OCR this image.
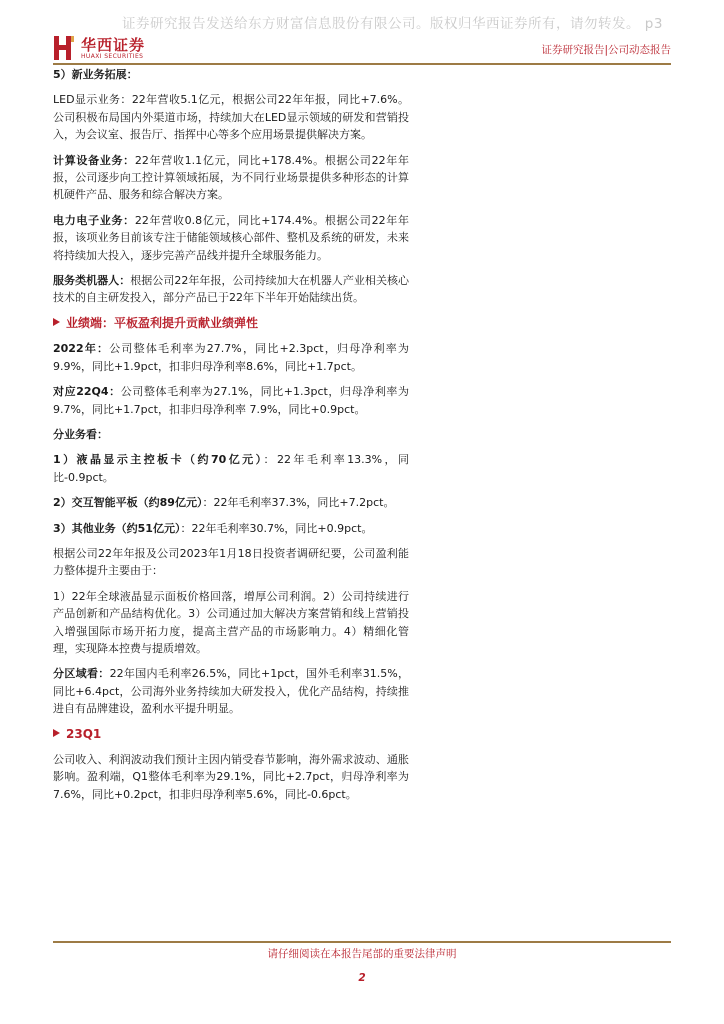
证券研究报告发送给东方财富信息股份有限公司。版权归华西证券所有，请勿转发。 p3
华西证券
HUAXI SECURITIES
证券研究报告|公司动态报告

5）新业务拓展：

LED显示业务：22年营收5.1亿元，根据公司22年年报，同比+7.6%。公司积极布局国内外渠道市场，持续加大在LED显示领域的研发和营销投入，为会议室、报告厅、指挥中心等多个应用场景提供解决方案。

计算设备业务：22年营收1.1亿元，同比+178.4%。根据公司22年年报，公司逐步向工控计算领域拓展，为不同行业场景提供多种形态的计算机硬件产品、服务和综合解决方案。

电力电子业务：22年营收0.8亿元，同比+174.4%。根据公司22年年报，该项业务目前该专注于储能领域核心部件、整机及系统的研发，未来将持续加大投入，逐步完善产品线并提升全球服务能力。

服务类机器人：根据公司22年年报，公司持续加大在机器人产业相关核心技术的自主研发投入，部分产品已于22年下半年开始陆续出货。

业绩端：平板盈利提升贡献业绩弹性

2022年：公司整体毛利率为27.7%，同比+2.3pct，归母净利率为9.9%，同比+1.9pct，扣非归母净利率8.6%，同比+1.7pct。

对应22Q4：公司整体毛利率为27.1%，同比+1.3pct，归母净利率为 9.7%，同比+1.7pct，扣非归母净利率 7.9%，同比+0.9pct。

分业务看：

1）液晶显示主控板卡（约70亿元）：22年毛利率13.3%，同比-0.9pct。

2）交互智能平板（约89亿元）：22年毛利率37.3%，同比+7.2pct。

3）其他业务（约51亿元）：22年毛利率30.7%，同比+0.9pct。

根据公司22年年报及公司2023年1月18日投资者调研纪要，公司盈利能力整体提升主要由于：

1）22年全球液晶显示面板价格回落，增厚公司利润。2）公司持续进行产品创新和产品结构优化。3）公司通过加大解决方案营销和线上营销投入增强国际市场开拓力度，提高主营产品的市场影响力。4）精细化管理，实现降本控费与提质增效。

分区域看：22年国内毛利率26.5%，同比+1pct，国外毛利率31.5%，同比+6.4pct，公司海外业务持续加大研发投入，优化产品结构，持续推进自有品牌建设，盈利水平提升明显。

23Q1

公司收入、利润波动我们预计主因内销受春节影响，海外需求波动、通胀影响。盈利端，Q1整体毛利率为29.1%，同比+2.7pct，归母净利率为7.6%，同比+0.2pct，扣非归母净利率5.6%，同比-0.6pct。

请仔细阅读在本报告尾部的重要法律声明
2
